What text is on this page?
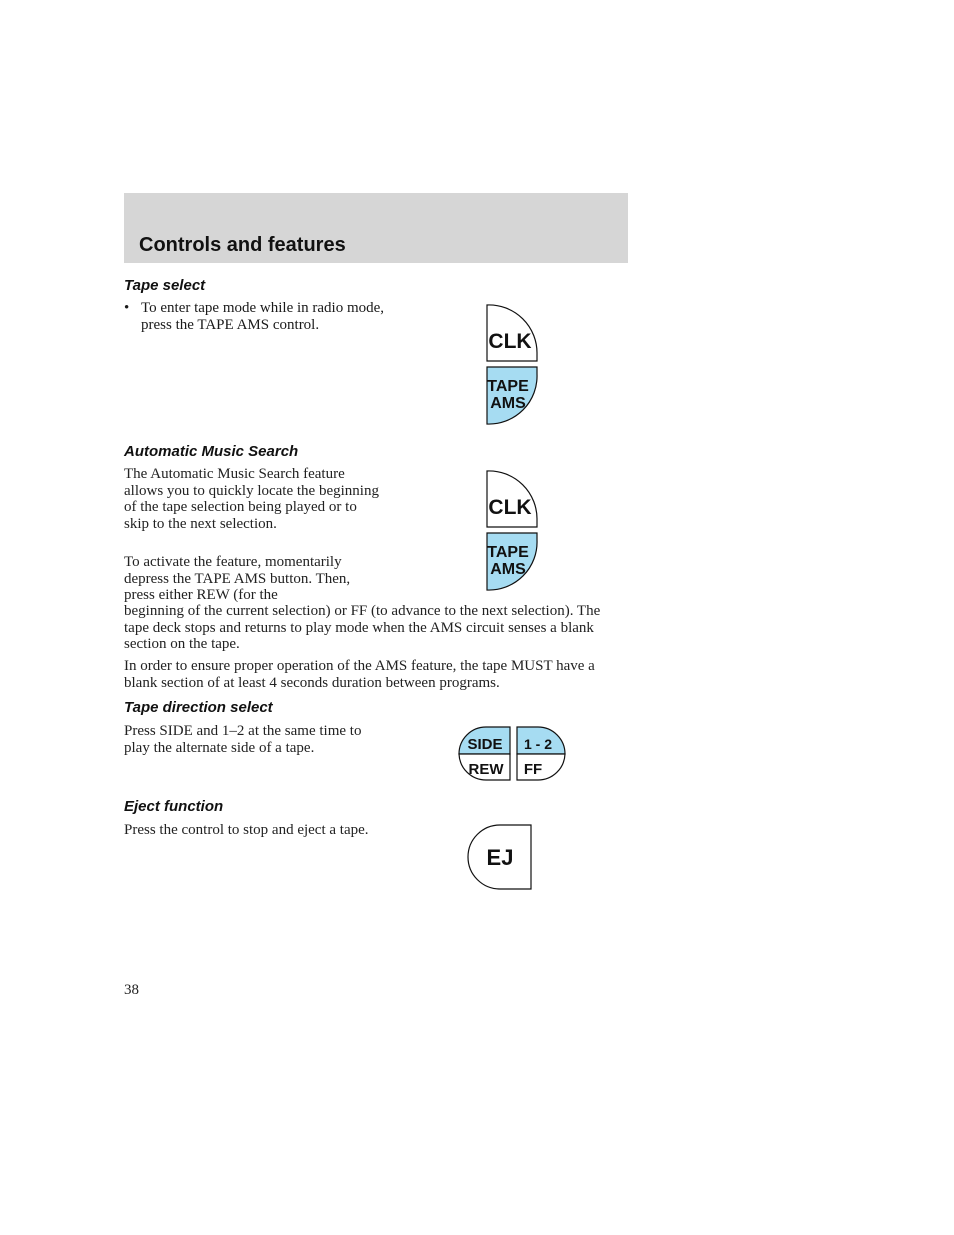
Controls and features
Tape select
• To enter tape mode while in radio mode, press the TAPE AMS control.
CLK
TAPE
AMS
Automatic Music Search

The Automatic Music Search feature allows you to quickly locate the beginning of the tape selection being played or to skip to the next selection.

To activate the feature, momentarily depress the TAPE AMS button. Then, press either REW (for the

beginning of the current selection) or FF (to advance to the next selection). The tape deck stops and returns to play mode when the AMS circuit senses a blank section on the tape.

In order to ensure proper operation of the AMS feature, the tape MUST have a blank section of at least 4 seconds duration between programs.

CLK
TAPE
AMS
Tape direction select

Press SIDE and 1–2 at the same time to play the alternate side of a tape.	SIDE
REW
1 - 2
FF
Eject function

Press the control to stop and eject a tape.

EJ
38
